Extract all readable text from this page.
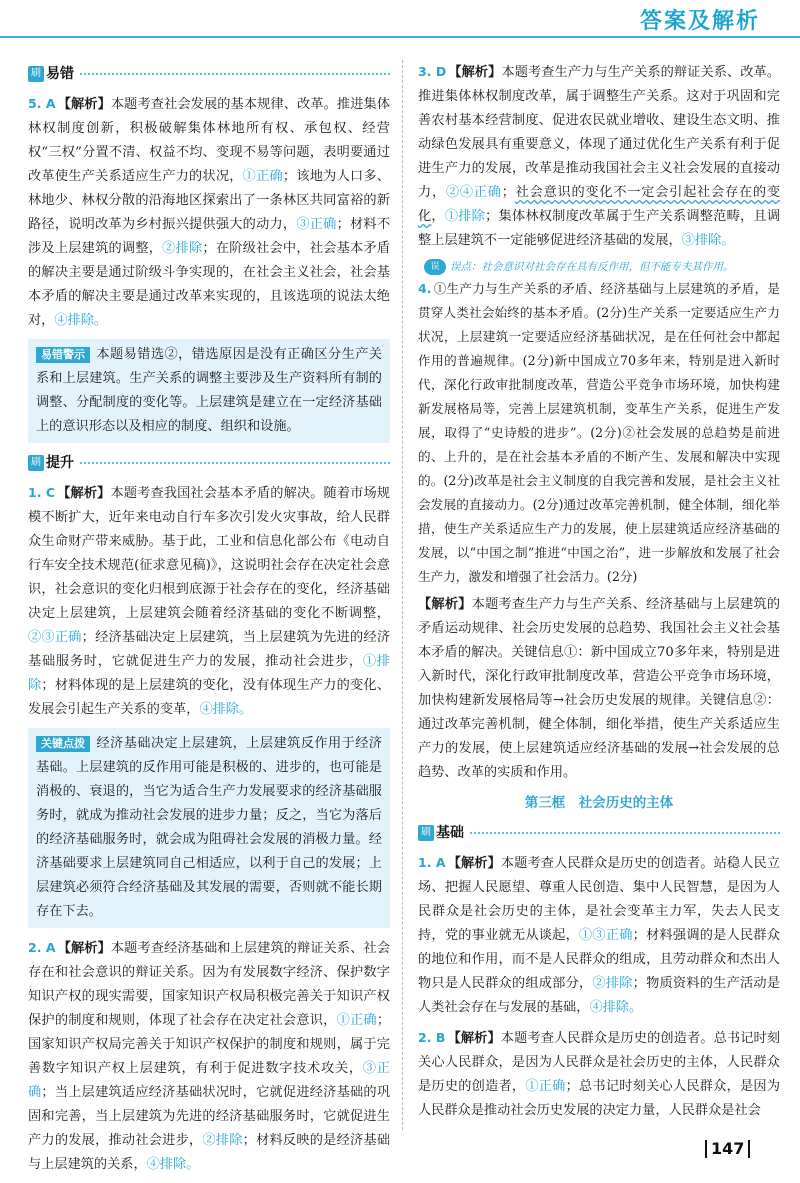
答案及解析
刷 易错

5. A 【解析】本题考查社会发展的基本规律、改革。推进集体林权制度创新，积极破解集体林地所有权、承包权、经营权“三权”分置不清、权益不均、变现不易等问题，表明要通过改革使生产关系适应生产力的状况，①正确；该地为人口多、林地少、林权分散的沿海地区探索出了一条林区共同富裕的新路径，说明改革为乡村振兴提供强大的动力，③正确；材料不涉及上层建筑的调整，②排除；在阶级社会中，社会基本矛盾的解决主要是通过阶级斗争实现的，在社会主义社会，社会基本矛盾的解决主要是通过改革来实现的，且该选项的说法太绝对，④排除。

易错警示 本题易错选②，错选原因是没有正确区分生产关系和上层建筑。生产关系的调整主要涉及生产资料所有制的调整、分配制度的变化等。上层建筑是建立在一定经济基础上的意识形态以及相应的制度、组织和设施。
刷 提升

1. C 【解析】本题考查我国社会基本矛盾的解决。随着市场规模不断扩大，近年来电动自行车多次引发火灾事故，给人民群众生命财产带来威胁。基于此，工业和信息化部公布《电动自行车安全技术规范(征求意见稿)》，这说明社会存在决定社会意识，社会意识的变化归根到底源于社会存在的变化，经济基础决定上层建筑，上层建筑会随着经济基础的变化不断调整，②③正确；经济基础决定上层建筑，当上层建筑为先进的经济基础服务时，它就促进生产力的发展，推动社会进步，①排除；材料体现的是上层建筑的变化，没有体现生产力的变化、发展会引起生产关系的变革，④排除。

关键点拨 经济基础决定上层建筑，上层建筑反作用于经济基础。上层建筑的反作用可能是积极的、进步的，也可能是消极的、衰退的，当它为适合生产力发展要求的经济基础服务时，就成为推动社会发展的进步力量；反之，当它为落后的经济基础服务时，就会成为阻碍社会发展的消极力量。经济基础要求上层建筑同自己相适应，以利于自己的发展；上层建筑必须符合经济基础及其发展的需要，否则就不能长期存在下去。

2. A 【解析】本题考查经济基础和上层建筑的辩证关系、社会存在和社会意识的辩证关系。因为有发展数字经济、保护数字知识产权的现实需要，国家知识产权局积极完善关于知识产权保护的制度和规则，体现了社会存在决定社会意识，①正确；国家知识产权局完善关于知识产权保护的制度和规则，属于完善数字知识产权上层建筑，有利于促进数字技术攻关，③正确；当上层建筑适应经济基础状况时，它就促进经济基础的巩固和完善，当上层建筑为先进的经济基础服务时，它就促进生产力的发展，推动社会进步，②排除；材料反映的是经济基础与上层建筑的关系，④排除。

3. D 【解析】本题考查生产力与生产关系的辩证关系、改革。推进集体林权制度改革，属于调整生产关系。这对于巩固和完善农村基本经营制度、促进农民就业增收、建设生态文明、推动绿色发展具有重要意义，体现了通过优化生产关系有利于促进生产力的发展，改革是推动我国社会主义社会发展的直接动力，②④正确；社会意识的变化不一定会引起社会存在的变化，①排除；集体林权制度改革属于生产关系调整范畴，且调整上层建筑不一定能够促进经济基础的发展，③排除。

误	误点： 社会意识对社会存在具有反作用，但不能专夫其作用。

4. ①生产力与生产关系的矛盾、经济基础与上层建筑的矛盾，是贯穿人类社会始终的基本矛盾。(2分)生产关系一定要适应生产力状况，上层建筑一定要适应经济基础状况，是在任何社会中都起作用的普遍规律。(2分)新中国成立70多年来，特别是进入新时代，深化行政审批制度改革，营造公平竞争市场环境，加快构建新发展格局等，完善上层建筑机制，变革生产关系，促进生产发展，取得了“史诗般的进步”。(2分)②社会发展的总趋势是前进的、上升的，是在社会基本矛盾的不断产生、发展和解决中实现的。(2分)改革是社会主义制度的自我完善和发展，是社会主义社会发展的直接动力。(2分)通过改革完善机制，健全体制，细化举措，使生产关系适应生产力的发展，使上层建筑适应经济基础的发展，以“中国之制”推进“中国之治”，进一步解放和发展了社会生产力，激发和增强了社会活力。(2分)

【解析】本题考查生产力与生产关系、经济基础与上层建筑的矛盾运动规律、社会历史发展的总趋势、我国社会主义社会基本矛盾的解决。关键信息①：新中国成立70多年来，特别是进入新时代，深化行政审批制度改革，营造公平竞争市场环境，加快构建新发展格局等→社会历史发展的规律。关键信息②：通过改革完善机制，健全体制，细化举措，使生产关系适应生产力的发展，使上层建筑适应经济基础的发展→社会发展的总趋势、改革的实质和作用。

第三框　社会历史的主体
刷 基础

1. A 【解析】本题考查人民群众是历史的创造者。站稳人民立场、把握人民愿望、尊重人民创造、集中人民智慧，是因为人民群众是社会历史的主体，是社会变革主力军，失去人民支持，党的事业就无从谈起，①③正确；材料强调的是人民群众的地位和作用，而不是人民群众的组成，且劳动群众和杰出人物只是人民群众的组成部分，②排除；物质资料的生产活动是人类社会存在与发展的基础，④排除。

2. B 【解析】本题考查人民群众是历史的创造者。总书记时刻关心人民群众，是因为人民群众是社会历史的主体，人民群众是历史的创造者，①正确；总书记时刻关心人民群众，是因为人民群众是推动社会历史发展的决定力量，人民群众是社会

147
